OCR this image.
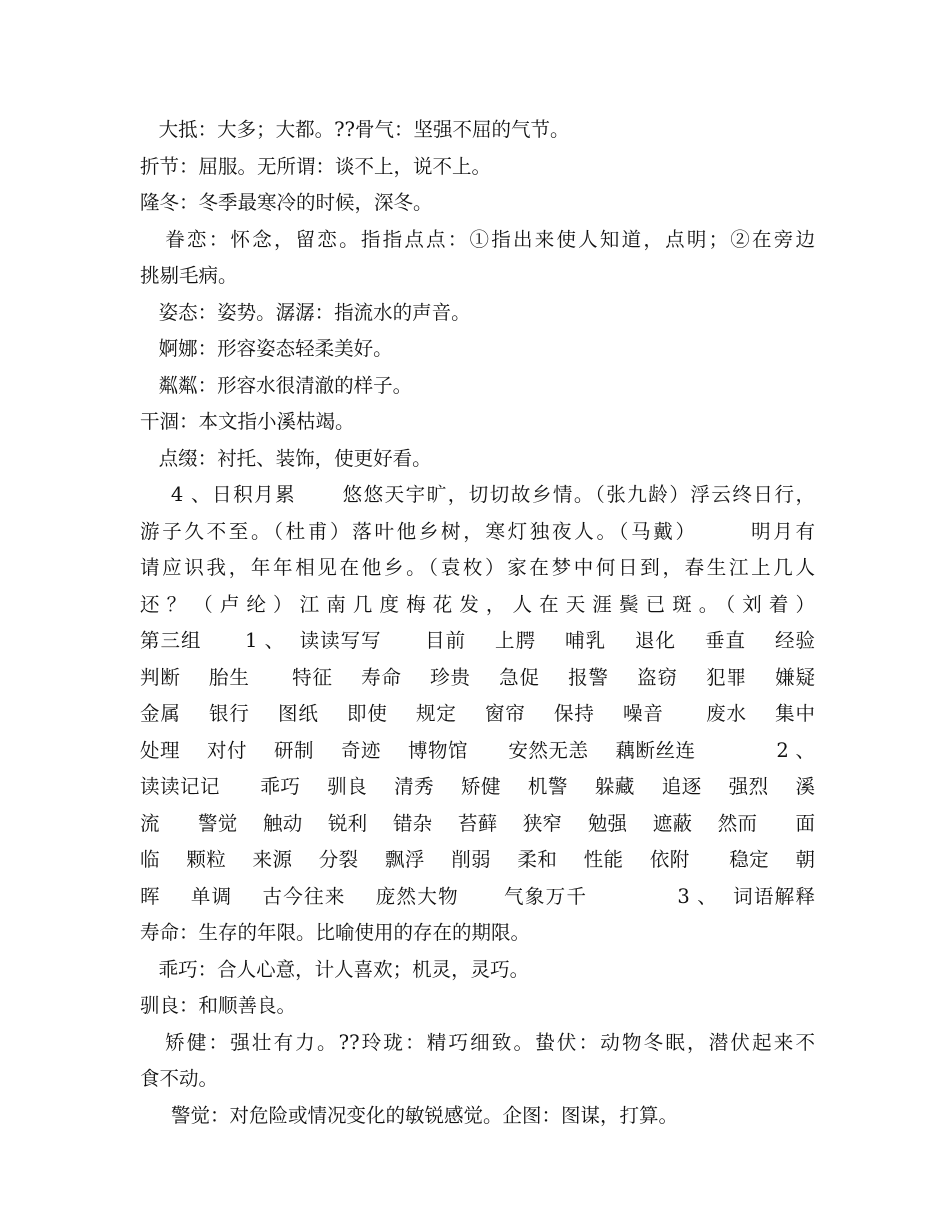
大抵：大多；大都。??骨气：坚强不屈的气节。
折节：屈服。无所谓：谈不上，说不上。
隆冬：冬季最寒冷的时候，深冬。
眷恋：怀念，留恋。指指点点：①指出来使人知道，点明；②在旁边
挑剔毛病。
姿态：姿势。潺潺：指流水的声音。
婀娜：形容姿态轻柔美好。
粼粼：形容水很清澈的样子。
干涸：本文指小溪枯竭。
点缀：衬托、装饰，使更好看。
4 、日积月累      悠悠天宇旷，切切故乡情。（张九龄）浮云终日行，
游子久不至。（杜甫）落叶他乡树，寒灯独夜人。（马戴）      明月有
请应识我，年年相见在他乡。（袁枚）家在梦中何日到，春生江上几人
还？（卢纶）江南几度梅花发，人在天涯鬓已斑。（刘着）
第三组      1 、  读读写写      目前    上腭    哺乳    退化    垂直    经验
判断    胎生      特征    寿命    珍贵    急促    报警    盗窃    犯罪    嫌疑
金属    银行    图纸    即使    规定    窗帘    保持    噪音      废水    集中
处理    对付    研制    奇迹    博物馆      安然无恙    藕断丝连            2 、
读读记记      乖巧    驯良    清秀    矫健    机警    躲藏    追逐    强烈    溪
流      警觉    触动    锐利    错杂    苔藓    狭窄    勉强    遮蔽    然而      面
临    颗粒    来源    分裂    飘浮    削弱    柔和    性能    依附      稳定    朝
晖    单调    古今往来    庞然大物      气象万千            3 、  词语解释
寿命：生存的年限。比喻使用的存在的期限。
乖巧：合人心意，计人喜欢；机灵，灵巧。
驯良：和顺善良。
矫健：强壮有力。??玲珑：精巧细致。蛰伏：动物冬眠，潜伏起来不
食不动。
警觉：对危险或情况变化的敏锐感觉。企图：图谋，打算。
